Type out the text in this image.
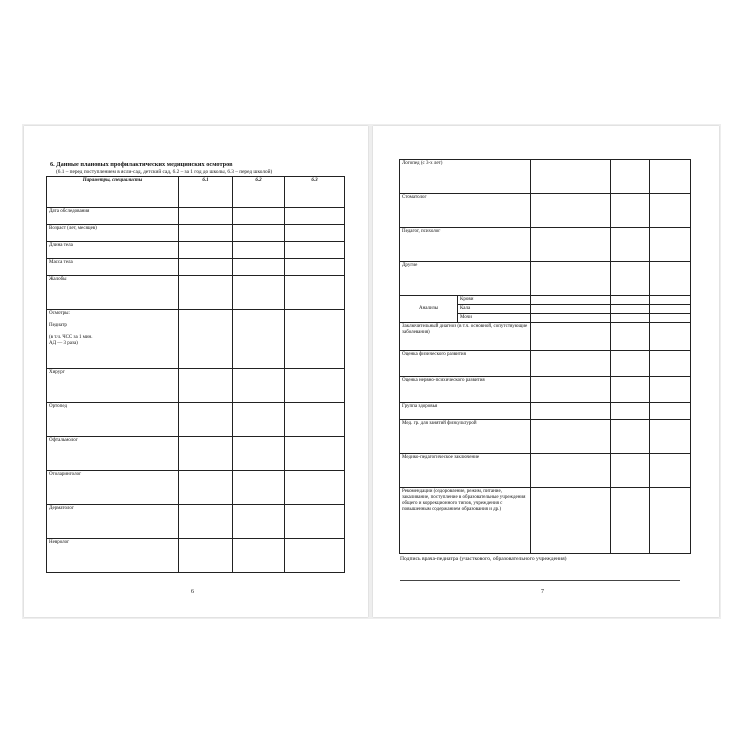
6. Данные плановых профилактических медицинских осмотров
(6.1 – перед поступлением в ясли-сад, детский сад, 6.2 – за 1 год до школы, 6.3 – перед школой)
Параметры, специалисты	6.1	6.2	6.3
Дата обследования			
Возраст (лет, месяцев)			
Длина тела			
Масса тела			
Жалобы			
Осмотры:

Педиатр

(в т.ч. ЧСС за 1 мин.
АД — 3 раза)			
Хирург			
Ортопед			
Офтальмолог			
Отоларинголог			
Дерматолог			
Невролог			
6
Логопед (с 3-х лет)				
Стоматолог				
Педагог, психолог				
Другие				
Анализы	Крови			
	Кала			
	Мочи			
Заключительный диагноз (в т.ч. основной, сопутствующие заболевания)				
Оценка физического развития				
Оценка нервно-психического развития				
Группа здоровья				
Мед. гр. для занятий физкультурой				
Медико-педагогическое заключение				
Рекомендации (оздоровление, режим, питание, закаливание, поступление в образовательные учреждения общего и коррекционного типов, учреждения с повышенным содержанием образования и др.)				
Подпись врача-педиатра (участкового, образовательного учреждения)
7
